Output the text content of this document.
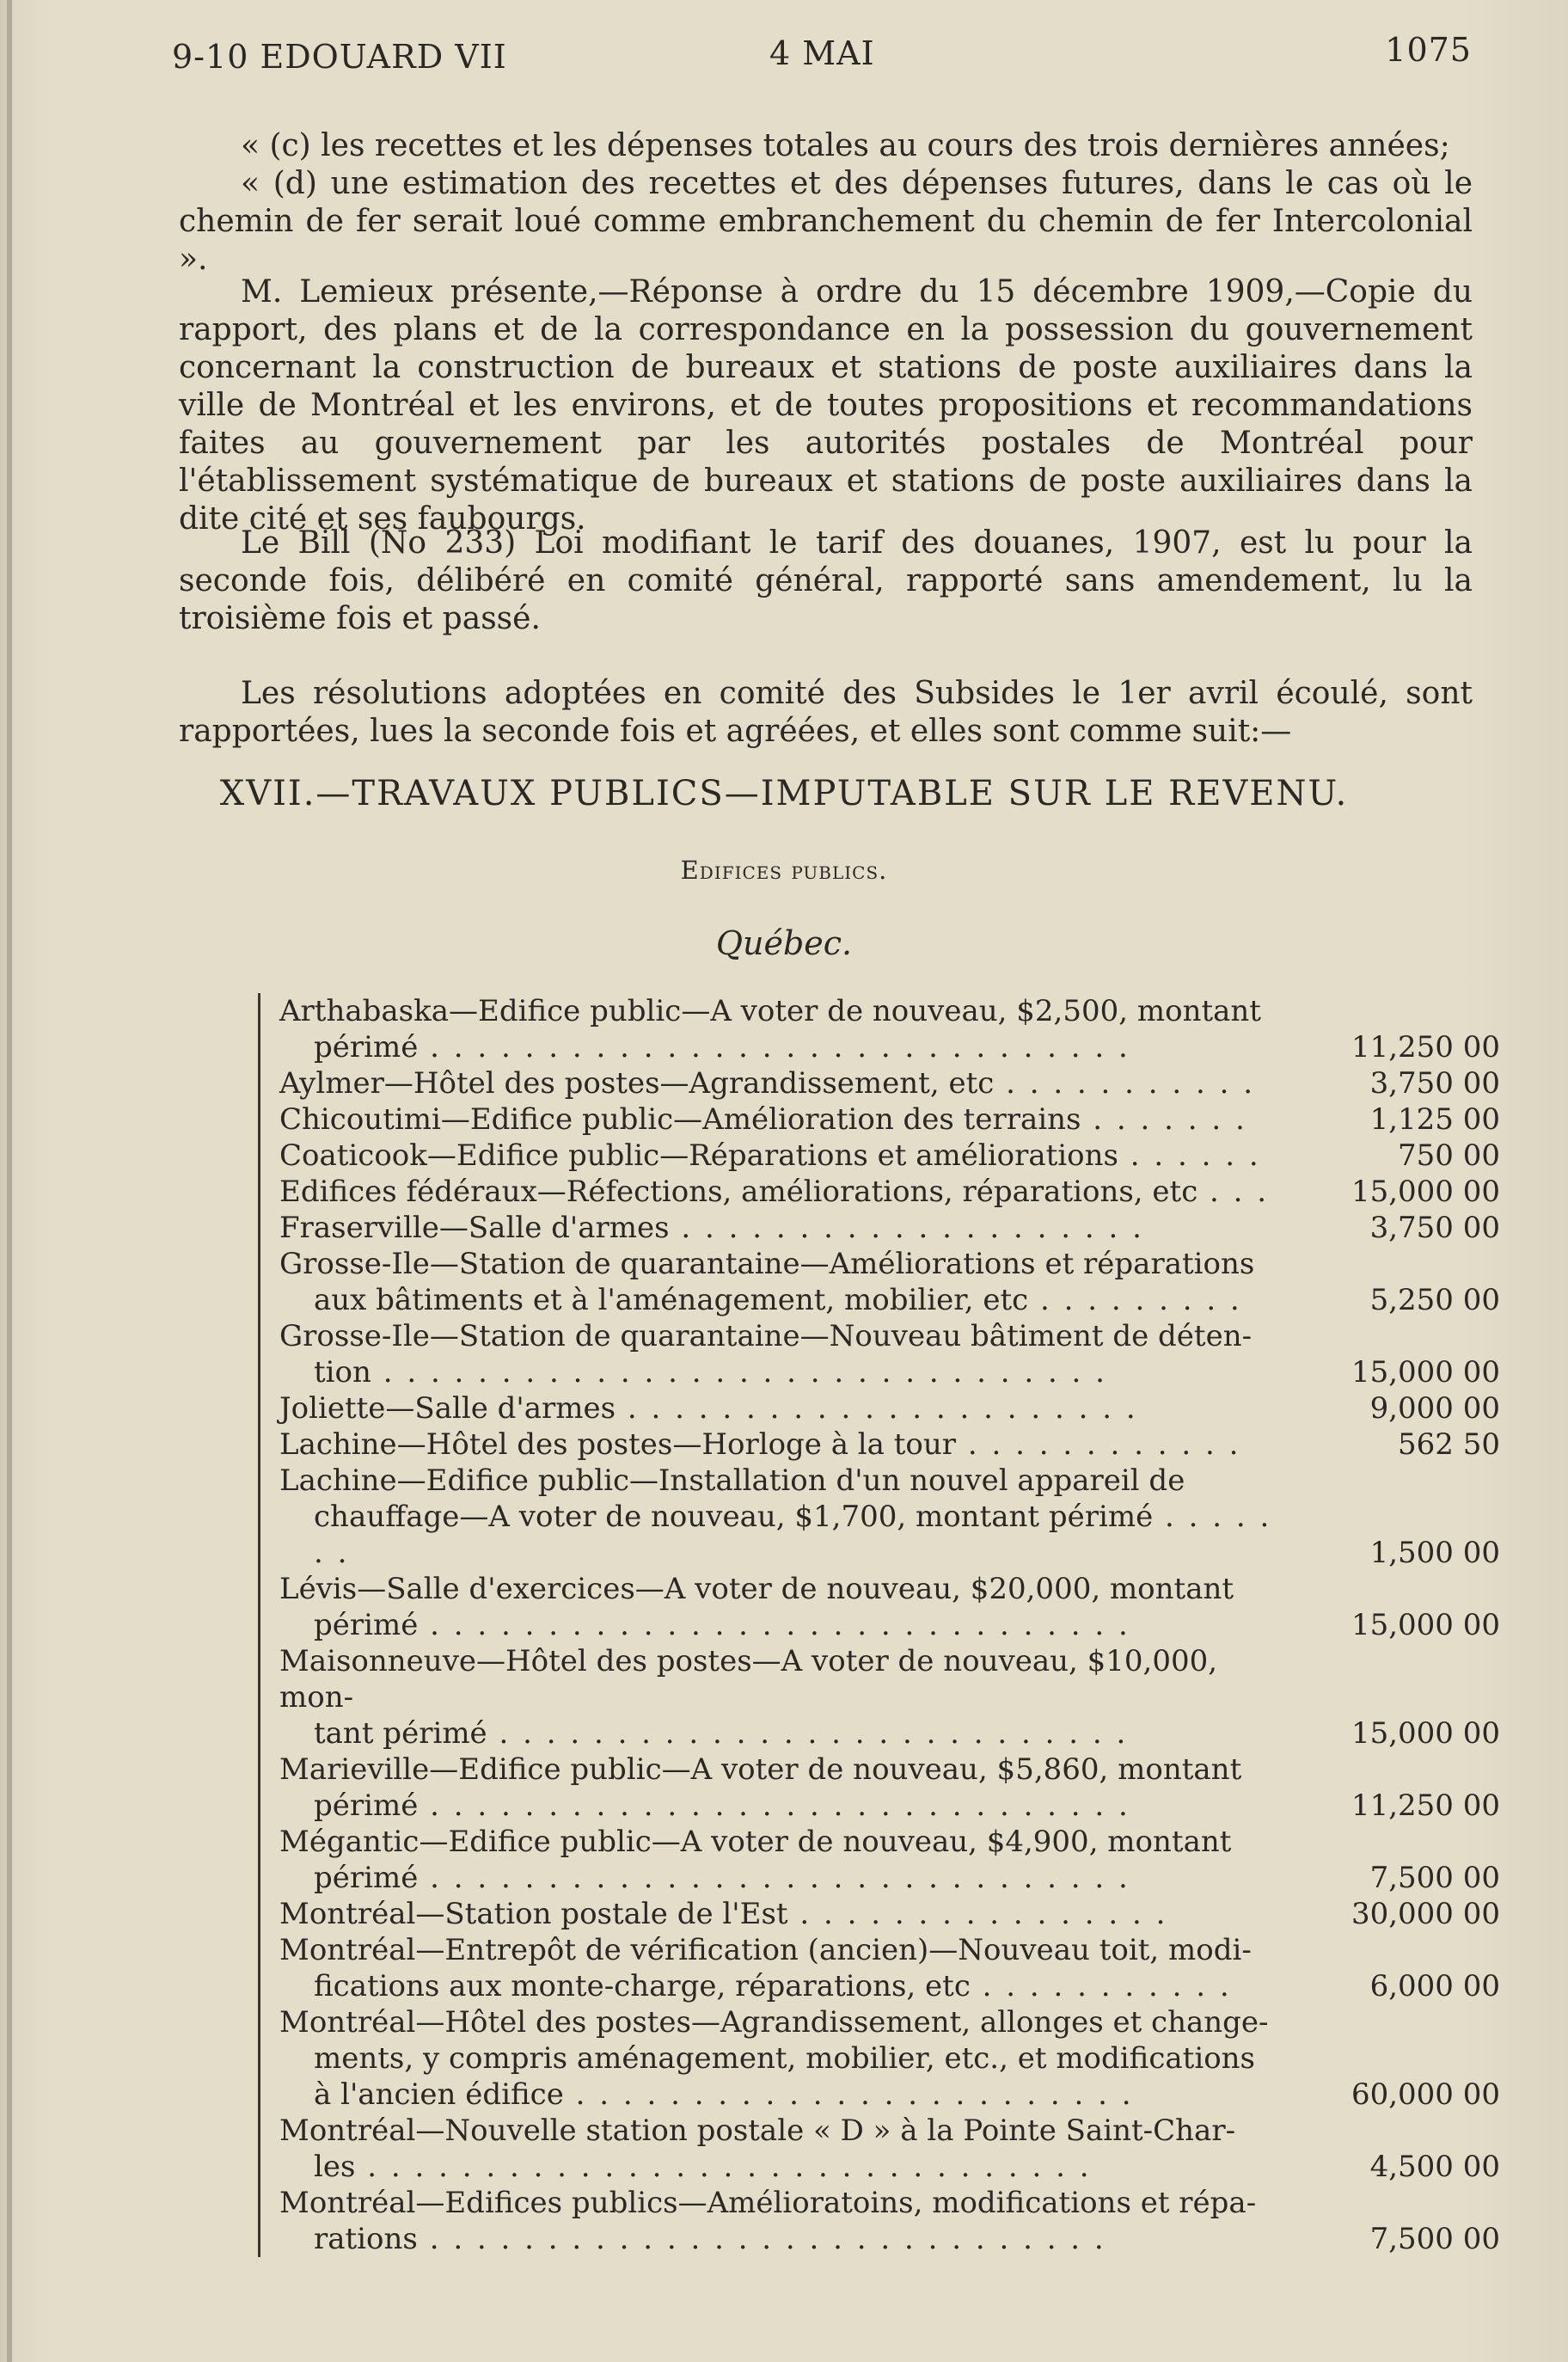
9-10 EDOUARD VII	4 MAI	1075

« (c) les recettes et les dépenses totales au cours des trois dernières années;

« (d) une estimation des recettes et des dépenses futures, dans le cas où le chemin de fer serait loué comme embranchement du chemin de fer Intercolonial ».

M. Lemieux présente,—Réponse à ordre du 15 décembre 1909,—Copie du rapport, des plans et de la correspondance en la possession du gouvernement concernant la construction de bureaux et stations de poste auxiliaires dans la ville de Montréal et les environs, et de toutes propositions et recommandations faites au gouvernement par les autorités postales de Montréal pour l'établissement systématique de bureaux et stations de poste auxiliaires dans la dite cité et ses faubourgs.

Le Bill (No 233) Loi modifiant le tarif des douanes, 1907, est lu pour la seconde fois, délibéré en comité général, rapporté sans amendement, lu la troisième fois et passé.

Les résolutions adoptées en comité des Subsides le 1er avril écoulé, sont rapportées, lues la seconde fois et agréées, et elles sont comme suit:—

XVII.—TRAVAUX PUBLICS—IMPUTABLE SUR LE REVENU.
Edifices publics.
Québec.
Arthabaska—Edifice public—A voter de nouveau, $2,500, montant
périmé . . . . . . . . . . . . . . . . . . . . . . . . . . . . . .	11,250 00
Aylmer—Hôtel des postes—Agrandissement, etc . . . . . . . . . . .	3,750 00
Chicoutimi—Edifice public—Amélioration des terrains . . . . . . .	1,125 00
Coaticook—Edifice public—Réparations et améliorations . . . . . .	750 00
Edifices fédéraux—Réfections, améliorations, réparations, etc . . .	15,000 00
Fraserville—Salle d'armes . . . . . . . . . . . . . . . . . . . .	3,750 00
Grosse-Ile—Station de quarantaine—Améliorations et réparations
aux bâtiments et à l'aménagement, mobilier, etc . . . . . . . . .	5,250 00
Grosse-Ile—Station de quarantaine—Nouveau bâtiment de déten-
tion . . . . . . . . . . . . . . . . . . . . . . . . . . . . . . .	15,000 00
Joliette—Salle d'armes . . . . . . . . . . . . . . . . . . . . . .	9,000 00
Lachine—Hôtel des postes—Horloge à la tour . . . . . . . . . . . .	562 50
Lachine—Edifice public—Installation d'un nouvel appareil de
chauffage—A voter de nouveau, $1,700, montant périmé . . . . . . .	1,500 00
Lévis—Salle d'exercices—A voter de nouveau, $20,000, montant
périmé . . . . . . . . . . . . . . . . . . . . . . . . . . . . . .	15,000 00
Maisonneuve—Hôtel des postes—A voter de nouveau, $10,000, mon-
tant périmé . . . . . . . . . . . . . . . . . . . . . . . . . . .	15,000 00
Marieville—Edifice public—A voter de nouveau, $5,860, montant
périmé . . . . . . . . . . . . . . . . . . . . . . . . . . . . . .	11,250 00
Mégantic—Edifice public—A voter de nouveau, $4,900, montant
périmé . . . . . . . . . . . . . . . . . . . . . . . . . . . . . .	7,500 00
Montréal—Station postale de l'Est . . . . . . . . . . . . . . . .	30,000 00
Montréal—Entrepôt de vérification (ancien)—Nouveau toit, modi-
fications aux monte-charge, réparations, etc . . . . . . . . . . .	6,000 00
Montréal—Hôtel des postes—Agrandissement, allonges et change-
ments, y compris aménagement, mobilier, etc., et modifications
à l'ancien édifice . . . . . . . . . . . . . . . . . . . . . . . .	60,000 00
Montréal—Nouvelle station postale « D » à la Pointe Saint-Char-
les . . . . . . . . . . . . . . . . . . . . . . . . . . . . . . .	4,500 00
Montréal—Edifices publics—Amélioratoins, modifications et répa-
rations . . . . . . . . . . . . . . . . . . . . . . . . . . . . .	7,500 00
